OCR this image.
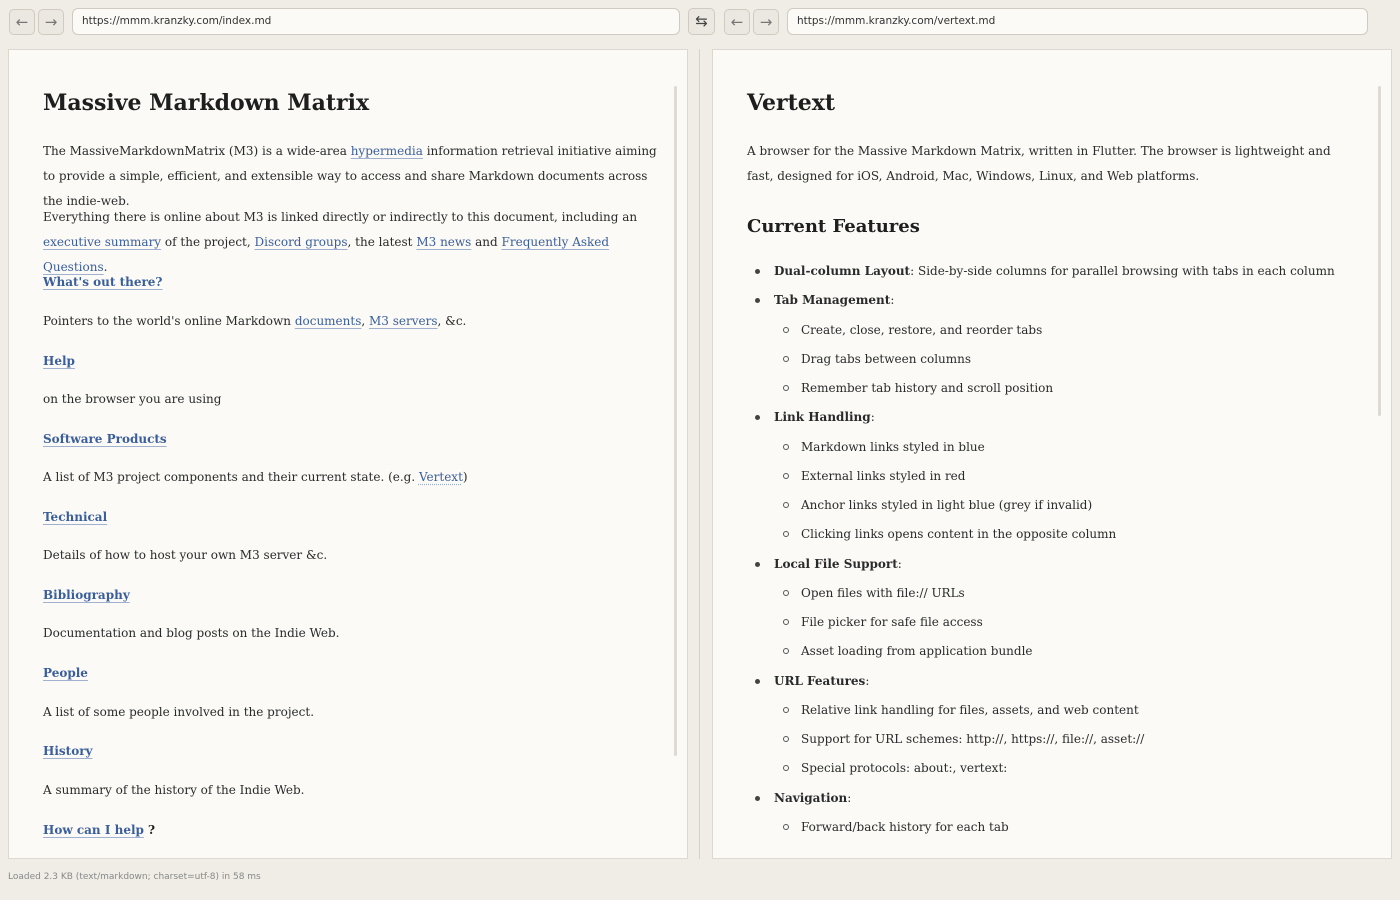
←	→	https://mmm.kranzky.com/index.md	⇆	←	→	https://mmm.kranzky.com/vertext.md
Massive Markdown Matrix

The MassiveMarkdownMatrix (M3) is a wide-area hypermedia information retrieval initiative aiming to provide a simple, efficient, and extensible way to access and share Markdown documents across the indie-web.

Everything there is online about M3 is linked directly or indirectly to this document, including an executive summary of the project, Discord groups, the latest M3 news and Frequently Asked Questions.

What's out there?

Pointers to the world's online Markdown documents, M3 servers, &c.

Help

on the browser you are using

Software Products

A list of M3 project components and their current state. (e.g. Vertext)

Technical

Details of how to host your own M3 server &c.

Bibliography

Documentation and blog posts on the Indie Web.

People

A list of some people involved in the project.

History

A summary of the history of the Indie Web.

How can I help ?
Vertext

A browser for the Massive Markdown Matrix, written in Flutter. The browser is lightweight and fast, designed for iOS, Android, Mac, Windows, Linux, and Web platforms.

Current Features
Dual-column Layout: Side-by-side columns for parallel browsing with tabs in each column
Tab Management:
Create, close, restore, and reorder tabs
Drag tabs between columns
Remember tab history and scroll position
Link Handling:
Markdown links styled in blue
External links styled in red
Anchor links styled in light blue (grey if invalid)
Clicking links opens content in the opposite column
Local File Support:
Open files with file:// URLs
File picker for safe file access
Asset loading from application bundle
URL Features:
Relative link handling for files, assets, and web content
Support for URL schemes: http://, https://, file://, asset://
Special protocols: about:, vertext:
Navigation:
Forward/back history for each tab
Loaded 2.3 KB (text/markdown; charset=utf-8) in 58 ms
